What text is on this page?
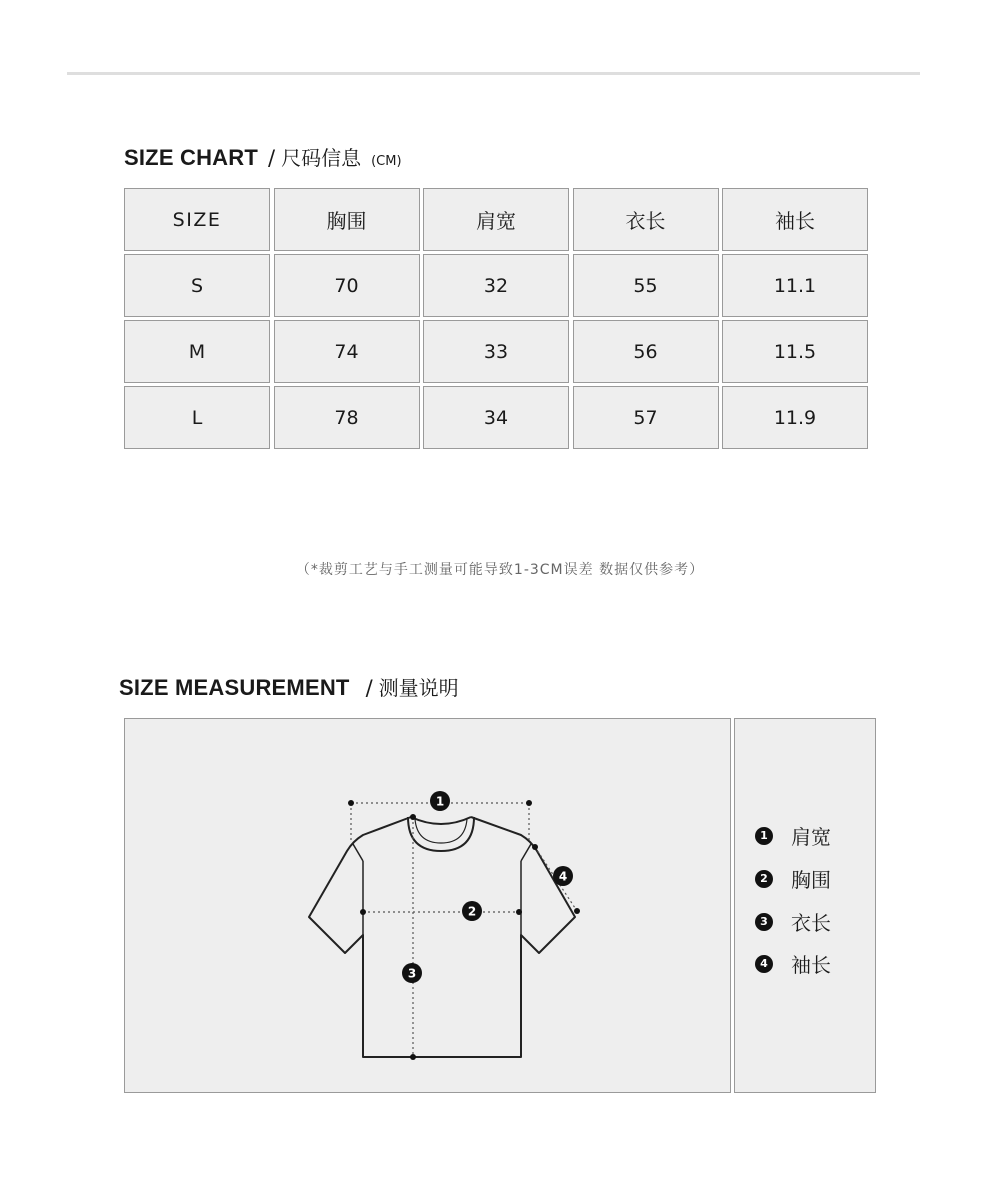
SIZE CHART / 尺码信息 (CM)
SIZE	胸围	肩宽	衣长	袖长
S	70	32	55	11.1
M	74	33	56	11.5
L	78	34	57	11.9
（*裁剪工艺与手工测量可能导致1-3CM误差 数据仅供参考）
SIZE MEASUREMENT / 测量说明
1
2
3
4
1 肩宽
2 胸围
3 衣长
4 袖长
